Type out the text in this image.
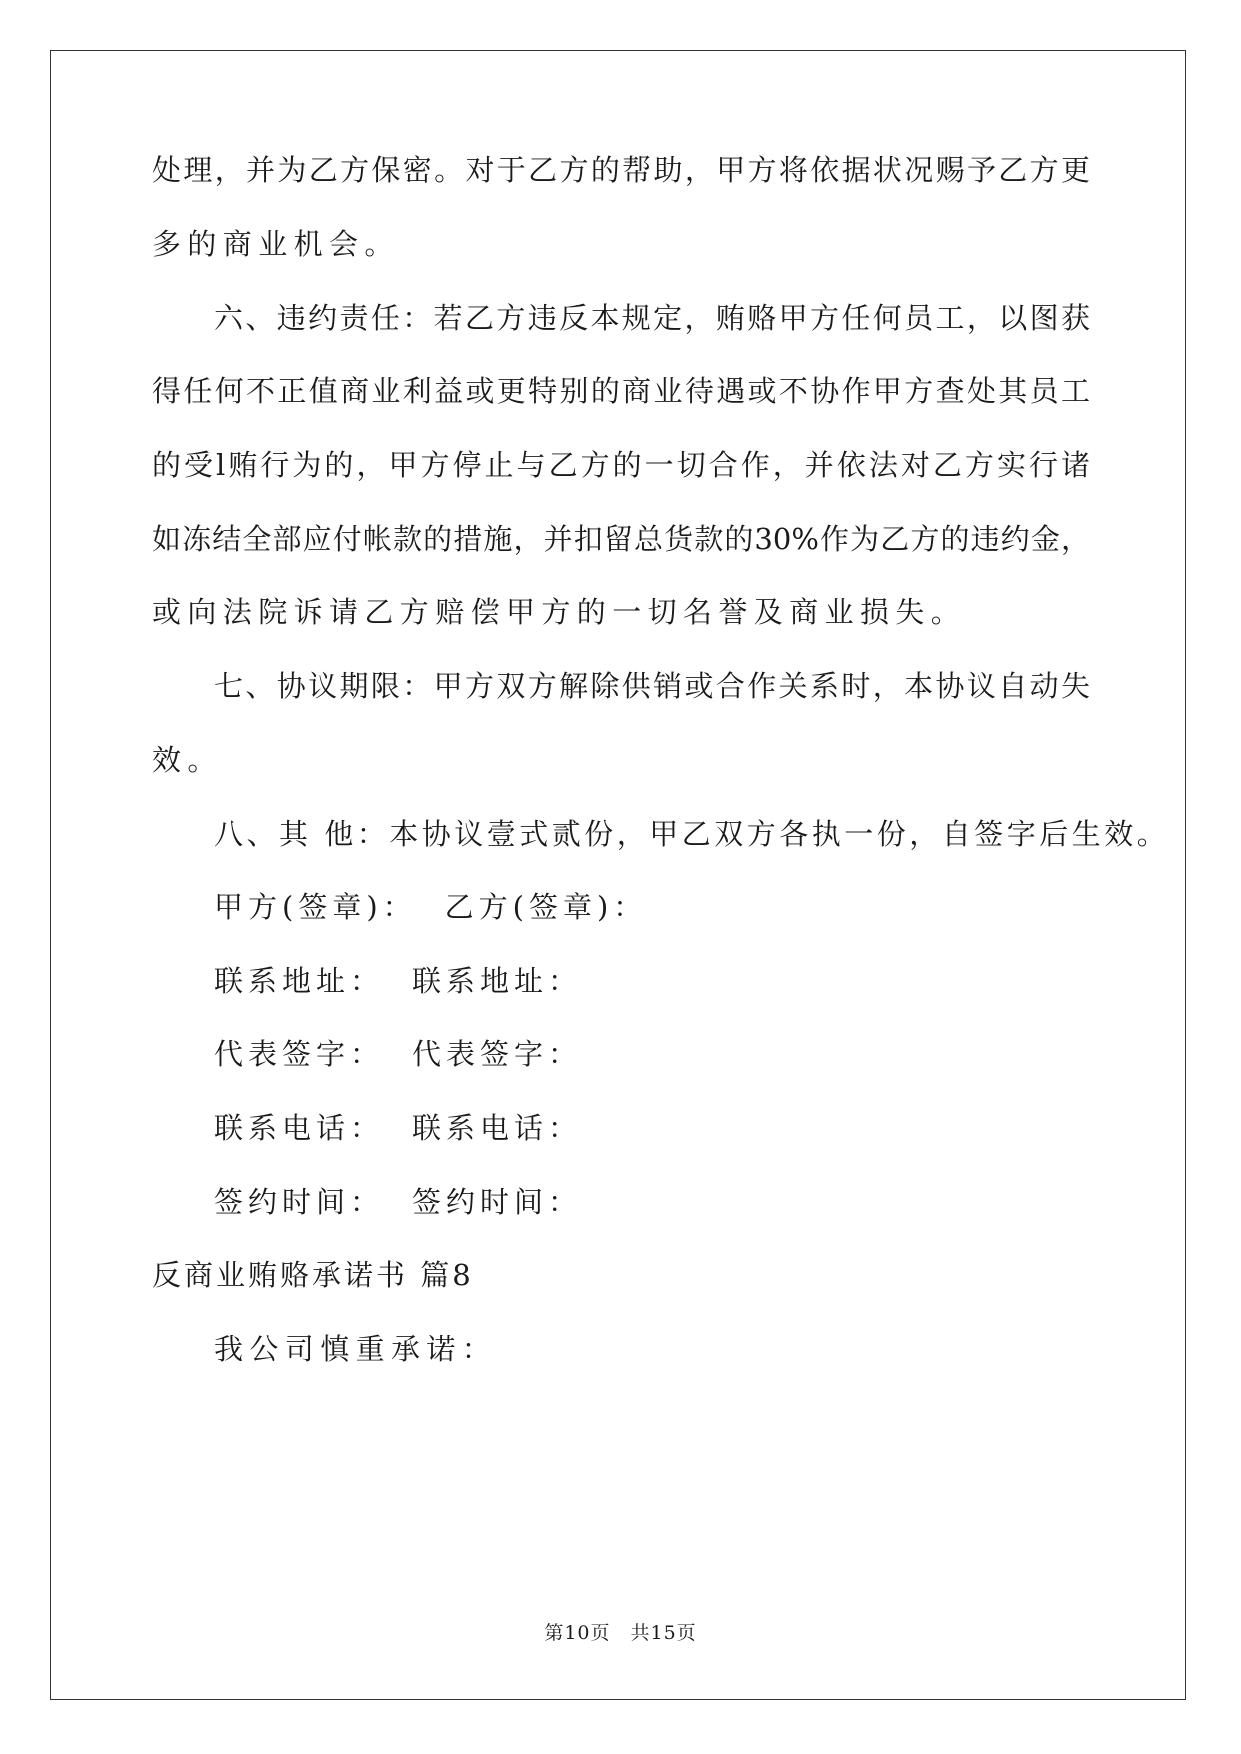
处理，并为乙方保密。对于乙方的帮助，甲方将依据状况赐予乙方更
多的商业机会。
六、违约责任：若乙方违反本规定，贿赂甲方任何员工，以图获
得任何不正值商业利益或更特别的商业待遇或不协作甲方查处其员工
的受l贿行为的，甲方停止与乙方的一切合作，并依法对乙方实行诸
如冻结全部应付帐款的措施，并扣留总货款的30%作为乙方的违约金，
或向法院诉请乙方赔偿甲方的一切名誉及商业损失。
七、协议期限：甲方双方解除供销或合作关系时，本协议自动失
效。
八、其 他：本协议壹式贰份，甲乙双方各执一份，自签字后生效。
甲方(签章)： 乙方(签章)：
联系地址： 联系地址：
代表签字： 代表签字：
联系电话： 联系电话：
签约时间： 签约时间：
反商业贿赂承诺书 篇8
我公司慎重承诺：
第10页 共15页
